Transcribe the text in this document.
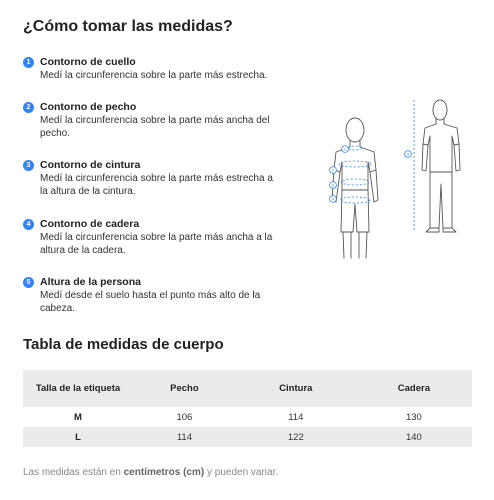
¿Cómo tomar las medidas?
1 Contorno de cuello
Medí la circunferencia sobre la parte más estrecha.
2 Contorno de pecho
Medí la circunferencia sobre la parte más ancha del pecho.
3 Contorno de cintura
Medí la circunferencia sobre la parte más estrecha a la altura de la cintura.
4 Contorno de cadera
Medí la circunferencia sobre la parte más ancha a la altura de la cadera.
5 Altura de la persona
Medí desde el suelo hasta el punto más alto de la cabeza.
1
2
3
4
5
Tabla de medidas de cuerpo
Talla de la etiqueta	Pecho	Cintura	Cadera
M	106	114	130
L	114	122	140
Las medidas están en centímetros (cm) y pueden variar.
